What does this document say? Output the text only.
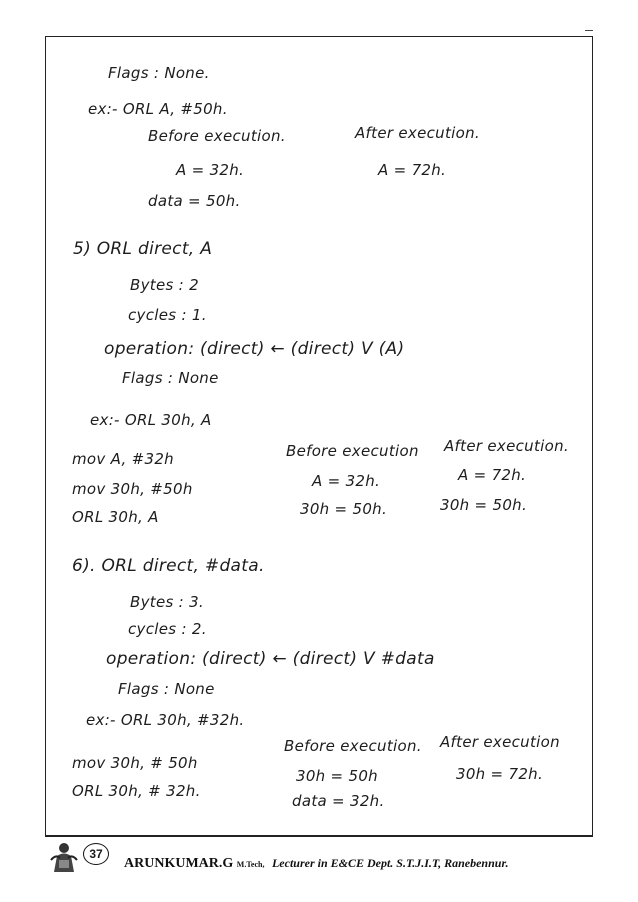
Flags : None.
ex:- ORL A, #50h.
Before execution.	After execution.
A = 32h.	A = 72h.
data = 50h.
5) ORL direct, A
Bytes : 2
cycles : 1.
operation: (direct) ← (direct) V (A)
Flags : None
ex:- ORL 30h, A
mov A, #32h
mov 30h, #50h
ORL 30h, A
Before execution After execution.
A = 32h.
30h = 50h.
A = 72h.
30h = 50h.
6). ORL direct, #data.
Bytes : 3.
cycles : 2.
operation: (direct) ← (direct) V #data
Flags : None
ex:- ORL 30h, #32h.
mov 30h, # 50h
ORL 30h, # 32h.
Before execution. After execution
30h = 50h
data = 32h.
30h = 72h.
37
ARUNKUMAR.G M.Tech, Lecturer in E&CE Dept. S.T.J.I.T, Ranebennur.
